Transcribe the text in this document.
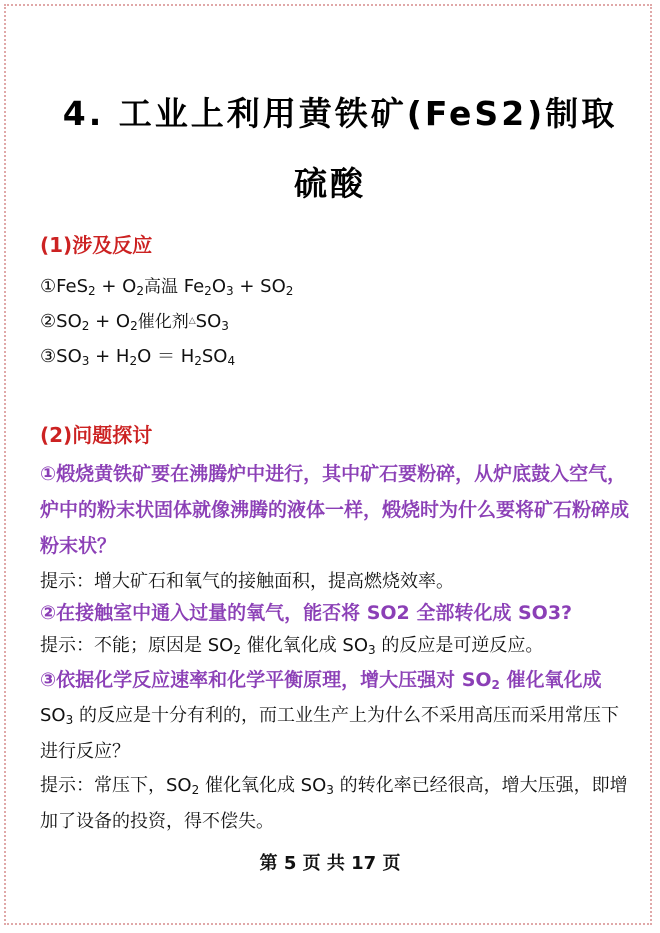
4. 工业上利用黄铁矿(FeS2)制取
硫酸
(1)涉及反应
①FeS$_2$ + $O_2$高温 $Fe_2O_3 + SO_2$
$②SO_2 + O_2$催化剂$^\triangle SO_3$
$③SO_3 + H_2O = H_2SO_4$
(2)问题探讨
①煅烧黄铁矿要在沸腾炉中进行，其中矿石要粉碎，从炉底鼓入空气，炉中的粉末状固体就像沸腾的液体一样，煅烧时为什么要将矿石粉碎成粉末状？
提示：增大矿石和氧气的接触面积，提高燃烧效率。
②在接触室中通入过量的氧气，能否将 SO2 全部转化成 SO3?
提示：不能；原因是 $SO_2$ 催化氧化成 $SO_3$ 的反应是可逆反应。
③依据化学反应速率和化学平衡原理，增大压强对 $SO_2$ 催化氧化成
$SO_3$ 的反应是十分有利的，而工业生产上为什么不采用高压而采用常压下进行反应？
提示：常压下，$SO_2$ 催化氧化成 $SO_3$ 的转化率已经很高，增大压强，即增加了设备的投资，得不偿失。
第 5 页 共 17 页
